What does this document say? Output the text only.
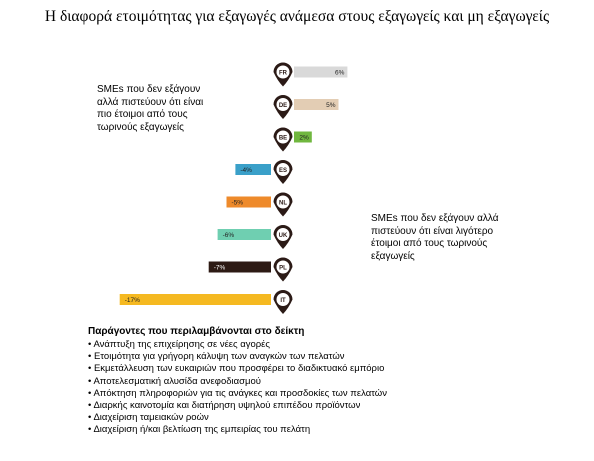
Η διαφορά ετοιμότητας για εξαγωγές ανάμεσα στους εξαγωγείς και μη εξαγωγείς
SMEs που δεν εξάγουν
αλλά πιστεύουν ότι είναι
πιο έτοιμοι από τους
τωρινούς εξαγωγείς
SMEs που δεν εξάγουν αλλά
πιστεύουν ότι είναι λιγότερο
έτοιμοι από τους τωρινούς
εξαγωγείς
6%
FR
5%
DE
2%
BE
-4%	ES
-5%	NL
-6%	UK
-7%	PL
-17%	IT
Παράγοντες που περιλαμβάνονται στο δείκτη
• Ανάπτυξη της επιχείρησης σε νέες αγορές
• Ετοιμότητα για γρήγορη κάλυψη των αναγκών των πελατών
• Εκμετάλλευση των ευκαιριών που προσφέρει το διαδικτυακό εμπόριο
• Αποτελεσματική αλυσίδα ανεφοδιασμού
• Απόκτηση πληροφοριών για τις ανάγκες και προσδοκίες των πελατών
• Διαρκής καινοτομία και διατήρηση υψηλού επιπέδου προϊόντων
• Διαχείριση ταμειακών ροών
• Διαχείριση ή/και βελτίωση της εμπειρίας του πελάτη
